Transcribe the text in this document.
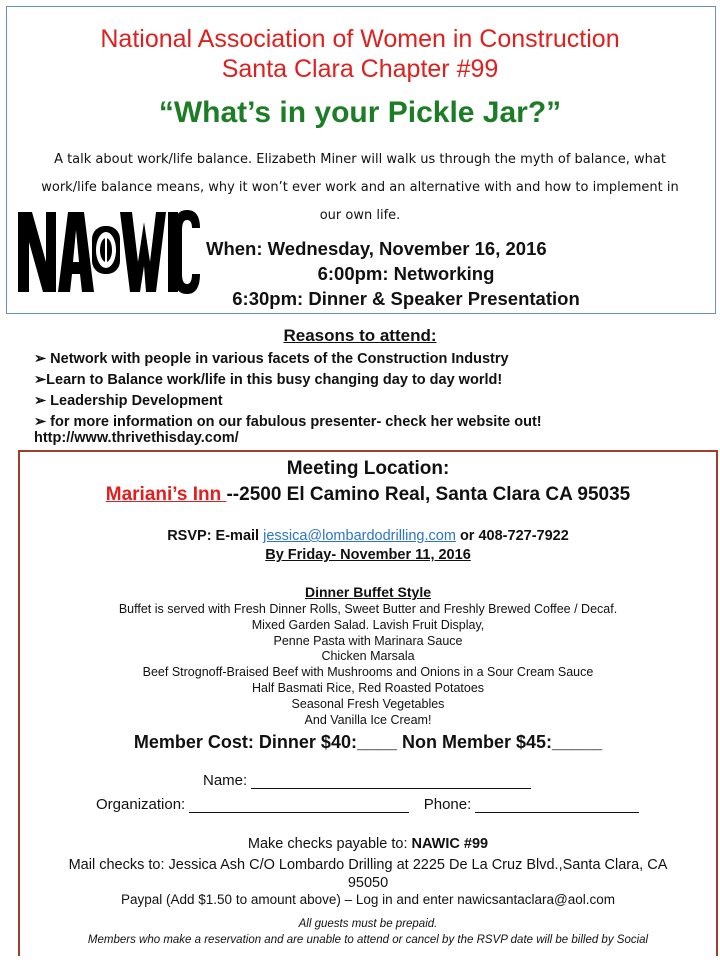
National Association of Women in Construction
Santa Clara Chapter #99
“What’s in your Pickle Jar?”
A talk about work/life balance. Elizabeth Miner will walk us through the myth of balance, what
work/life balance means, why it won’t ever work and an alternative with and how to implement in
our own life.
When: Wednesday, November 16, 2016
6:00pm: Networking
6:30pm: Dinner & Speaker Presentation
Reasons to attend:
➢ Network with people in various facets of the Construction Industry
➢Learn to Balance work/life in this busy changing day to day world!
➢ Leadership Development
➢ for more information on our fabulous presenter- check her website out!
http://www.thrivethisday.com/
Meeting Location:
Mariani’s Inn --2500 El Camino Real, Santa Clara CA 95035
RSVP: E-mail jessica@lombardodrilling.com or 408-727-7922
By Friday- November 11, 2016
Dinner Buffet Style
Buffet is served with Fresh Dinner Rolls, Sweet Butter and Freshly Brewed Coffee / Decaf.
Mixed Garden Salad. Lavish Fruit Display,
Penne Pasta with Marinara Sauce
Chicken Marsala
Beef Strognoff-Braised Beef with Mushrooms and Onions in a Sour Cream Sauce
Half Basmati Rice, Red Roasted Potatoes
Seasonal Fresh Vegetables
And Vanilla Ice Cream!
Member Cost: Dinner $40:____ Non Member $45:_____
Name:
Organization:	Phone:
Make checks payable to: NAWIC #99
Mail checks to: Jessica Ash C/O Lombardo Drilling at 2225 De La Cruz Blvd.,Santa Clara, CA
95050
Paypal (Add $1.50 to amount above) – Log in and enter nawicsantaclara@aol.com
All guests must be prepaid.
Members who make a reservation and are unable to attend or cancel by the RSVP date will be billed by Social
